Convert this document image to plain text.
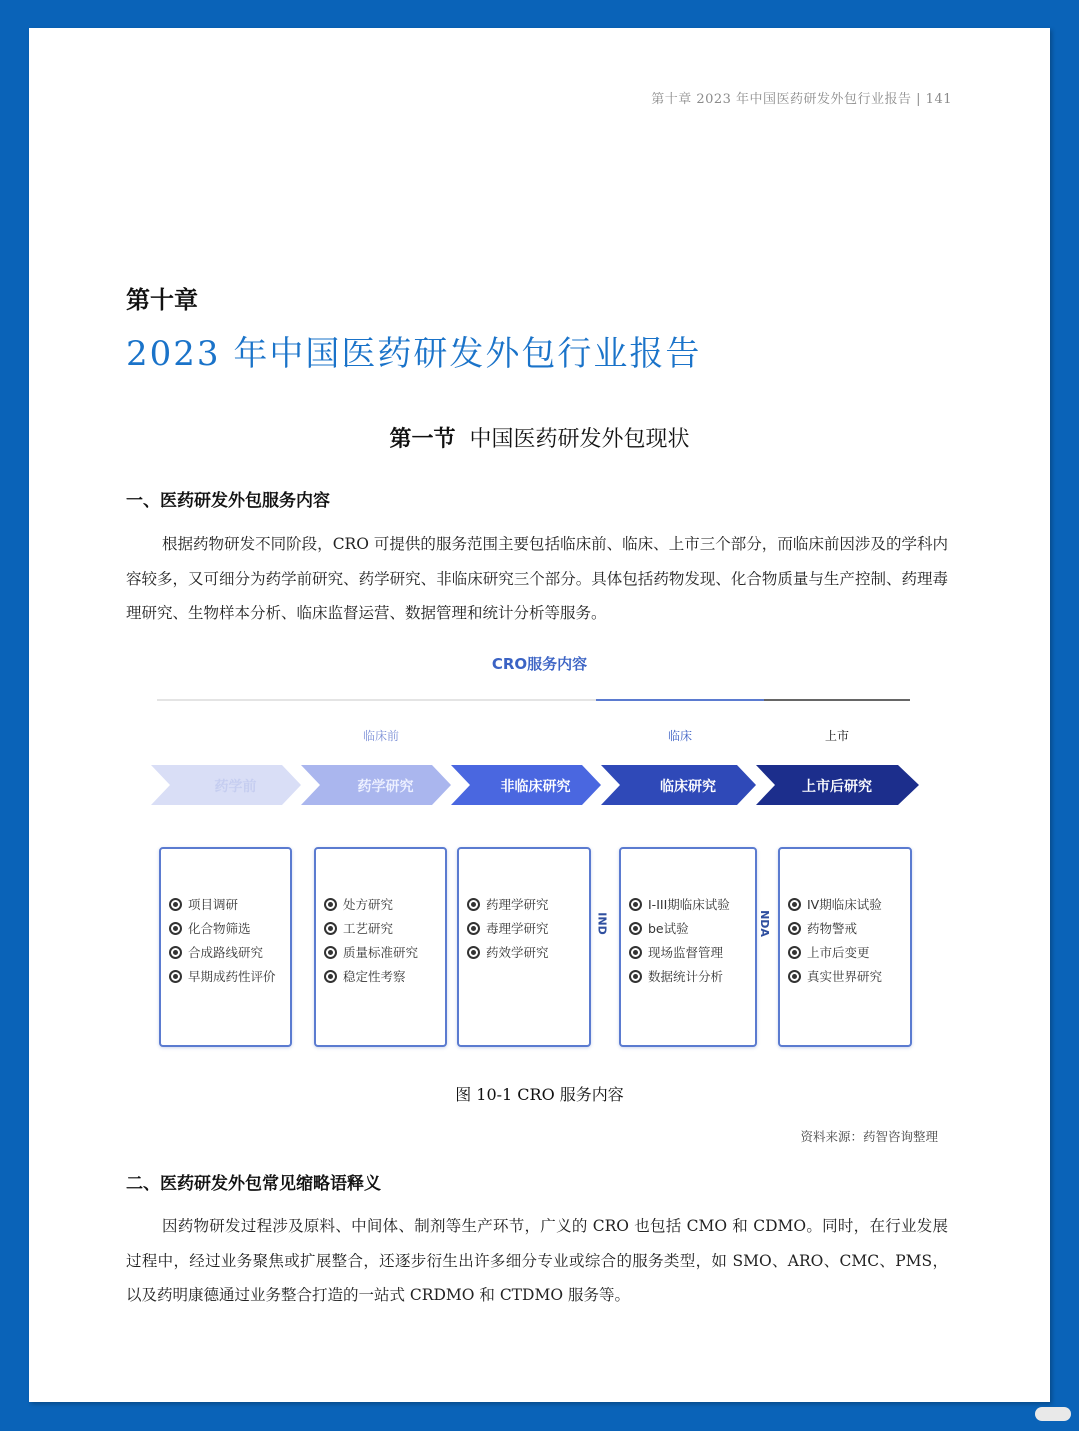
第十章 2023 年中国医药研发外包行业报告 | 141
第十章
2023 年中国医药研发外包行业报告
第一节 中国医药研发外包现状
一、医药研发外包服务内容

根据药物研发不同阶段，CRO 可提供的服务范围主要包括临床前、临床、上市三个部分，而临床前因涉及的学科内容较多，又可细分为药学前研究、药学研究、非临床研究三个部分。具体包括药物发现、化合物质量与生产控制、药理毒理研究、生物样本分析、临床监督运营、数据管理和统计分析等服务。

CRO服务内容
临床前	临床	上市
药学前	药学研究	非临床研究	临床研究	上市后研究
项目调研
化合物筛选
合成路线研究
早期成药性评价
处方研究
工艺研究
质量标准研究
稳定性考察
药理学研究
毒理学研究
药效学研究
IND
I-III期临床试验
be试验
现场监督管理
数据统计分析
NDA
IV期临床试验
药物警戒
上市后变更
真实世界研究
图 10-1 CRO 服务内容
资料来源：药智咨询整理
二、医药研发外包常见缩略语释义

因药物研发过程涉及原料、中间体、制剂等生产环节，广义的 CRO 也包括 CMO 和 CDMO。同时，在行业发展过程中，经过业务聚焦或扩展整合，还逐步衍生出许多细分专业或综合的服务类型，如 SMO、ARO、CMC、PMS，以及药明康德通过业务整合打造的一站式 CRDMO 和 CTDMO 服务等。
